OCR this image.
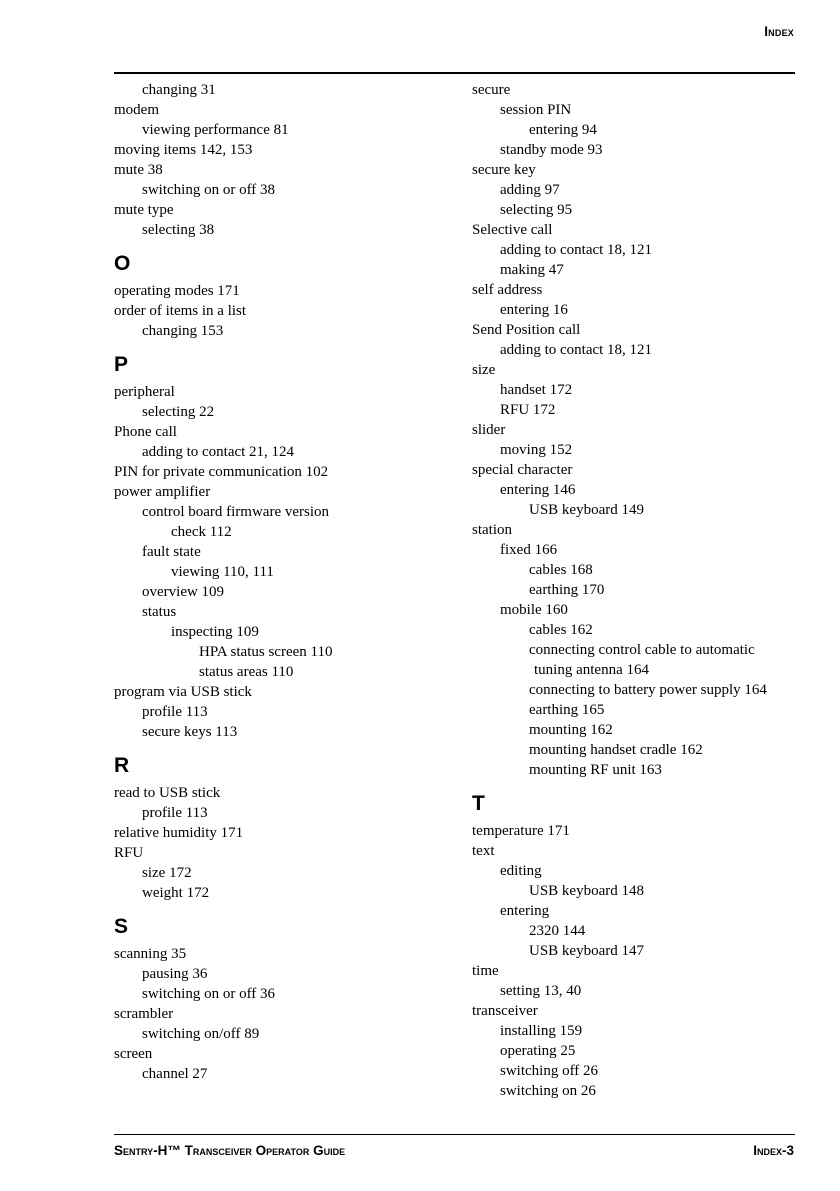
Index
changing 31
modem
viewing performance 81
moving items 142, 153
mute 38
switching on or off 38
mute type
selecting 38
O
operating modes 171
order of items in a list
changing 153
P
peripheral
selecting 22
Phone call
adding to contact 21, 124
PIN for private communication 102
power amplifier
control board firmware version
check 112
fault state
viewing 110, 111
overview 109
status
inspecting 109
HPA status screen 110
status areas 110
program via USB stick
profile 113
secure keys 113
R
read to USB stick
profile 113
relative humidity 171
RFU
size 172
weight 172
S
scanning 35
pausing 36
switching on or off 36
scrambler
switching on/off 89
screen
channel 27
secure
session PIN
entering 94
standby mode 93
secure key
adding 97
selecting 95
Selective call
adding to contact 18, 121
making 47
self address
entering 16
Send Position call
adding to contact 18, 121
size
handset 172
RFU 172
slider
moving 152
special character
entering 146
USB keyboard 149
station
fixed 166
cables 168
earthing 170
mobile 160
cables 162
connecting control cable to automatic
tuning antenna 164
connecting to battery power supply 164
earthing 165
mounting 162
mounting handset cradle 162
mounting RF unit 163
T
temperature 171
text
editing
USB keyboard 148
entering
2320 144
USB keyboard 147
time
setting 13, 40
transceiver
installing 159
operating 25
switching off 26
switching on 26
Sentry-H™ Transceiver Operator Guide	Index-3
